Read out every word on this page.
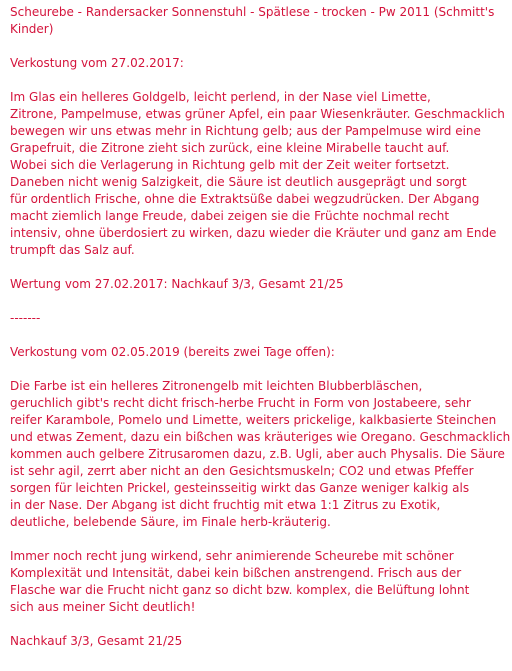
Scheurebe - Randersacker Sonnenstuhl - Spätlese - trocken - Pw 2011 (Schmitt's
Kinder)

Verkostung vom 27.02.2017:

Im Glas ein helleres Goldgelb, leicht perlend, in der Nase viel Limette,
Zitrone, Pampelmuse, etwas grüner Apfel, ein paar Wiesenkräuter. Geschmacklich
bewegen wir uns etwas mehr in Richtung gelb; aus der Pampelmuse wird eine
Grapefruit, die Zitrone zieht sich zurück, eine kleine Mirabelle taucht auf.
Wobei sich die Verlagerung in Richtung gelb mit der Zeit weiter fortsetzt.
Daneben nicht wenig Salzigkeit, die Säure ist deutlich ausgeprägt und sorgt
für ordentlich Frische, ohne die Extraktsüße dabei wegzudrücken. Der Abgang
macht ziemlich lange Freude, dabei zeigen sie die Früchte nochmal recht
intensiv, ohne überdosiert zu wirken, dazu wieder die Kräuter und ganz am Ende
trumpft das Salz auf.

Wertung vom 27.02.2017: Nachkauf 3/3, Gesamt 21/25

-------

Verkostung vom 02.05.2019 (bereits zwei Tage offen):

Die Farbe ist ein helleres Zitronengelb mit leichten Blubberbläschen,
geruchlich gibt's recht dicht frisch-herbe Frucht in Form von Jostabeere, sehr
reifer Karambole, Pomelo und Limette, weiters prickelige, kalkbasierte Steinchen
und etwas Zement, dazu ein bißchen was kräuteriges wie Oregano. Geschmacklich
kommen auch gelbere Zitrusaromen dazu, z.B. Ugli, aber auch Physalis. Die Säure
ist sehr agil, zerrt aber nicht an den Gesichtsmuskeln; CO2 und etwas Pfeffer
sorgen für leichten Prickel, gesteinsseitig wirkt das Ganze weniger kalkig als
in der Nase. Der Abgang ist dicht fruchtig mit etwa 1:1 Zitrus zu Exotik,
deutliche, belebende Säure, im Finale herb-kräuterig.

Immer noch recht jung wirkend, sehr animierende Scheurebe mit schöner
Komplexität und Intensität, dabei kein bißchen anstrengend. Frisch aus der
Flasche war die Frucht nicht ganz so dicht bzw. komplex, die Belüftung lohnt
sich aus meiner Sicht deutlich!

Nachkauf 3/3, Gesamt 21/25
